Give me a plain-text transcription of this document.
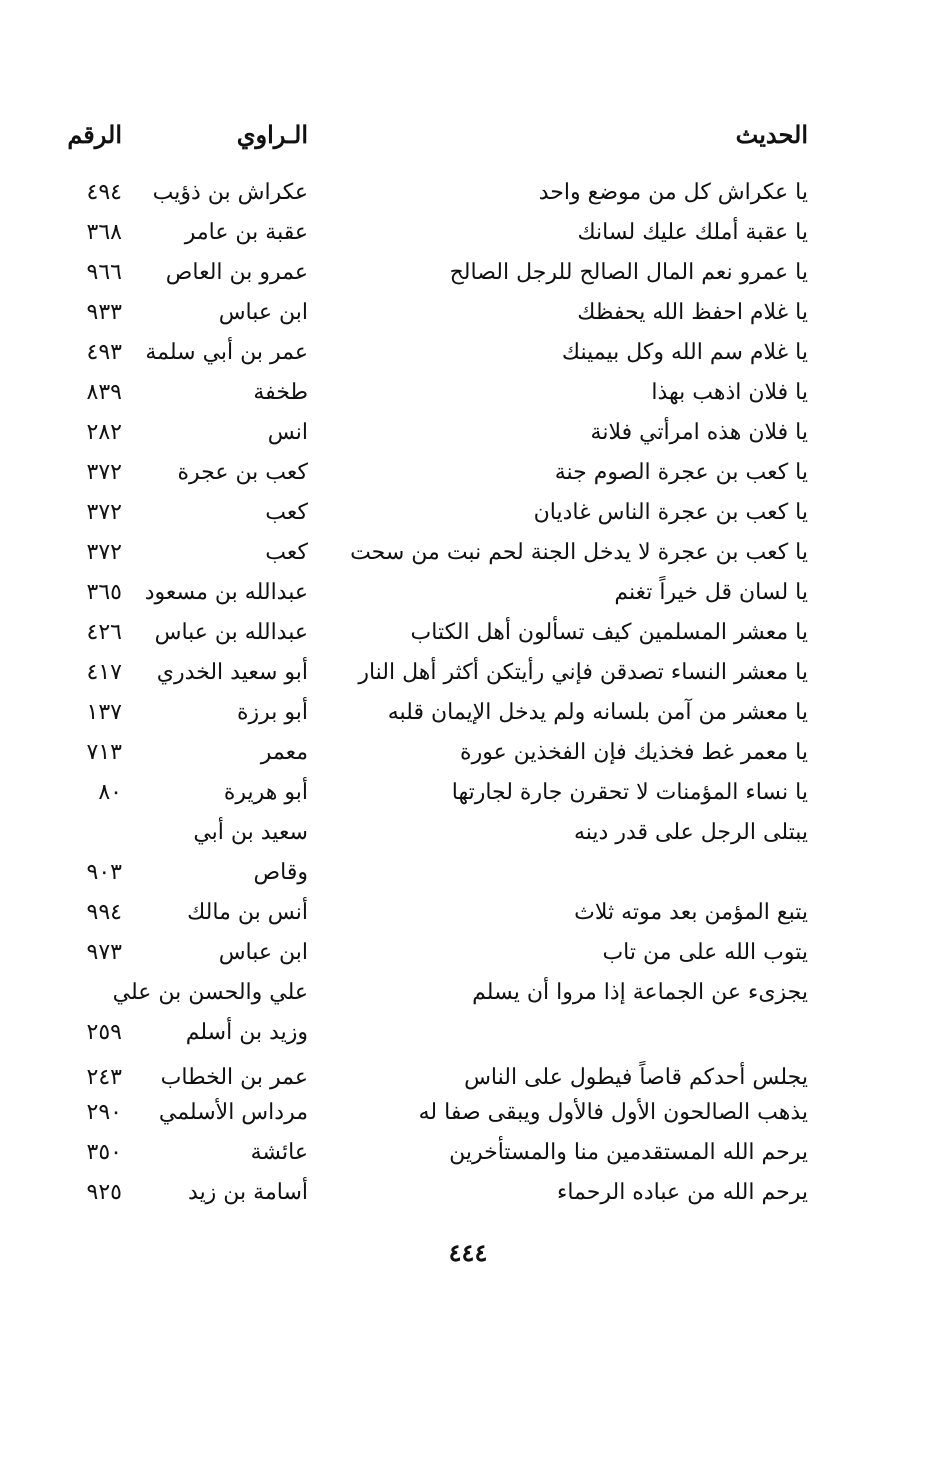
الحديث
الـراوي
الرقم
يا عكراش كل من موضع واحد
عكراش بن ذؤيب
٤٩٤
يا عقبة أملك عليك لسانك
عقبة بن عامر
٣٦٨
يا عمرو نعم المال الصالح للرجل الصالح
عمرو بن العاص
٩٦٦
يا غلام احفظ الله يحفظك
ابن عباس
٩٣٣
يا غلام سم الله وكل بيمينك
عمر بن أبي سلمة
٤٩٣
يا فلان اذهب بهذا
طخفة
٨٣٩
يا فلان هذه امرأتي فلانة
انس
٢٨٢
يا كعب بن عجرة الصوم جنة
كعب بن عجرة
٣٧٢
يا كعب بن عجرة الناس غاديان
كعب
٣٧٢
يا كعب بن عجرة لا يدخل الجنة لحم نبت من سحت
كعب
٣٧٢
يا لسان قل خيراً تغنم
عبدالله بن مسعود
٣٦٥
يا معشر المسلمين كيف تسألون أهل الكتاب
عبدالله بن عباس
٤٢٦
يا معشر النساء تصدقن فإني رأيتكن أكثر أهل النار
أبو سعيد الخدري
٤١٧
يا معشر من آمن بلسانه ولم يدخل الإيمان قلبه
أبو برزة
١٣٧
يا معمر غط فخذيك فإن الفخذين عورة
معمر
٧١٣
يا نساء المؤمنات لا تحقرن جارة لجارتها
أبو هريرة
٨٠
يبتلى الرجل على قدر دينه
سعيد بن أبي
وقاص
٩٠٣
يتبع المؤمن بعد موته ثلاث
أنس بن مالك
٩٩٤
يتوب الله على من تاب
ابن عباس
٩٧٣
يجزىء عن الجماعة إذا مروا أن يسلم
علي والحسن بن علي
وزيد بن أسلم
٢٥٩
يجلس أحدكم قاصاً فيطول على الناس
عمر بن الخطاب
٢٤٣
يذهب الصالحون الأول فالأول ويبقى صفا له
مرداس الأسلمي
٢٩٠
يرحم الله المستقدمين منا والمستأخرين
عائشة
٣٥٠
يرحم الله من عباده الرحماء
أسامة بن زيد
٩٢٥
٤٤٤
